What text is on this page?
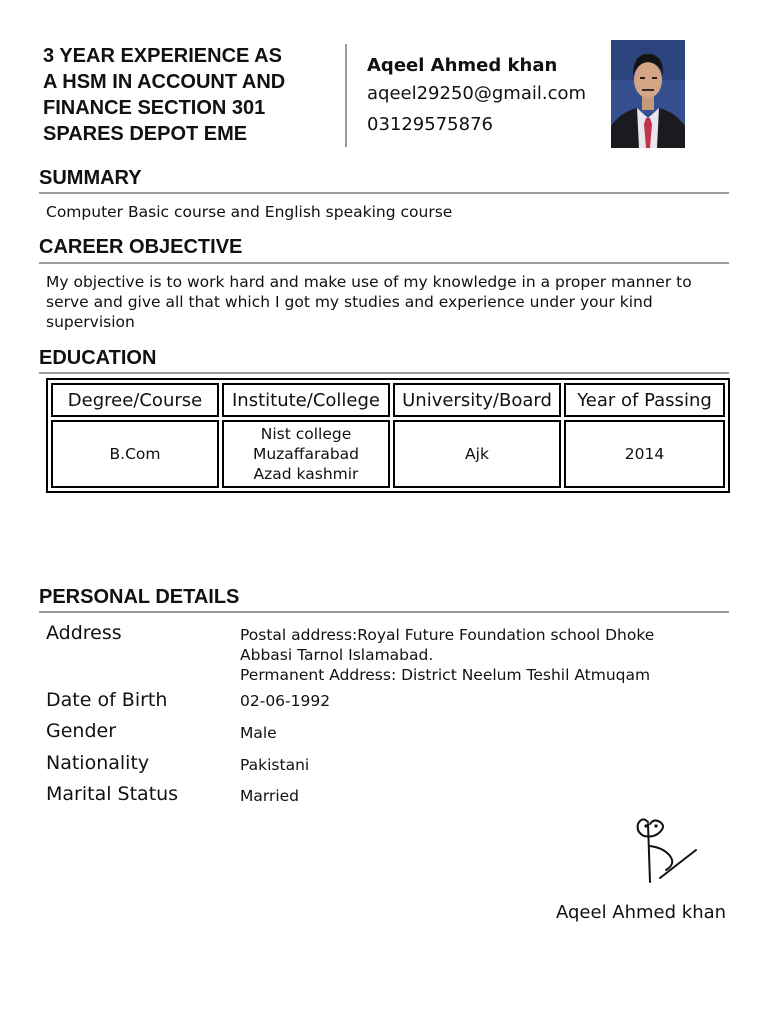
3 YEAR EXPERIENCE AS
A HSM IN ACCOUNT AND
FINANCE SECTION 301
SPARES DEPOT EME
Aqeel Ahmed khan
aqeel29250@gmail.com
03129575876
SUMMARY

Computer Basic course and English speaking course

CAREER OBJECTIVE

My objective is to work hard and make use of my knowledge in a proper manner to serve and give all that which I got my studies and experience under your kind supervision

EDUCATION
Degree/Course	Institute/College	University/Board	Year of Passing
B.Com	Nist college
Muzaffarabad
Azad kashmir	Ajk	2014
PERSONAL DETAILS
Address	Postal address:Royal Future Foundation school Dhoke
Abbasi Tarnol Islamabad.
Permanent Address: District Neelum Teshil Atmuqam
Date of Birth	02-06-1992
Gender	Male
Nationality	Pakistani
Marital Status	Married
Aqeel Ahmed khan
